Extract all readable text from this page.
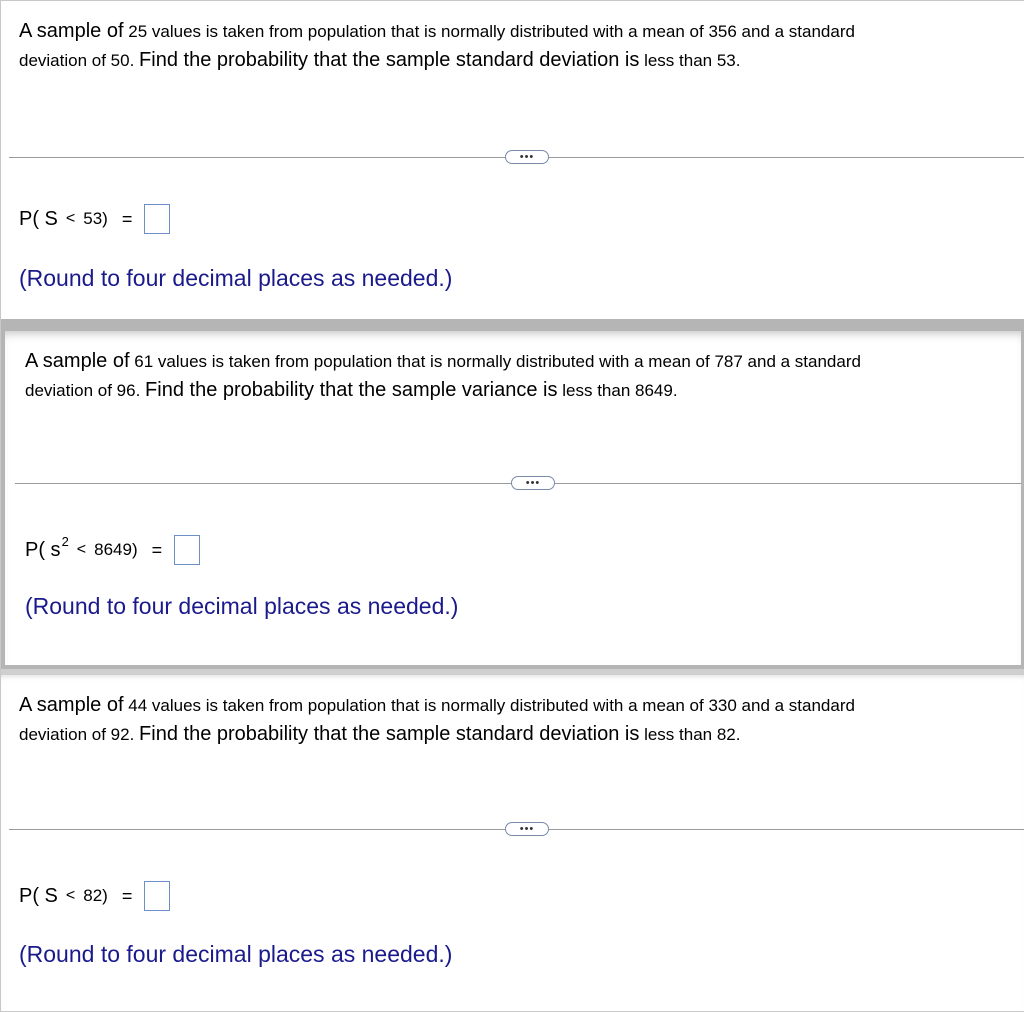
A sample of 25 values is taken from population that is normally distributed with a mean of 356 and a standard
deviation of 50. Find the probability that the sample standard deviation is less than 53.
•••
P( S < 53) =
(Round to four decimal places as needed.)
A sample of 61 values is taken from population that is normally distributed with a mean of 787 and a standard
deviation of 96. Find the probability that the sample variance is less than 8649.
•••
P( s 2 < 8649) =
(Round to four decimal places as needed.)
A sample of 44 values is taken from population that is normally distributed with a mean of 330 and a standard
deviation of 92. Find the probability that the sample standard deviation is less than 82.
•••
P( S < 82) =
(Round to four decimal places as needed.)
